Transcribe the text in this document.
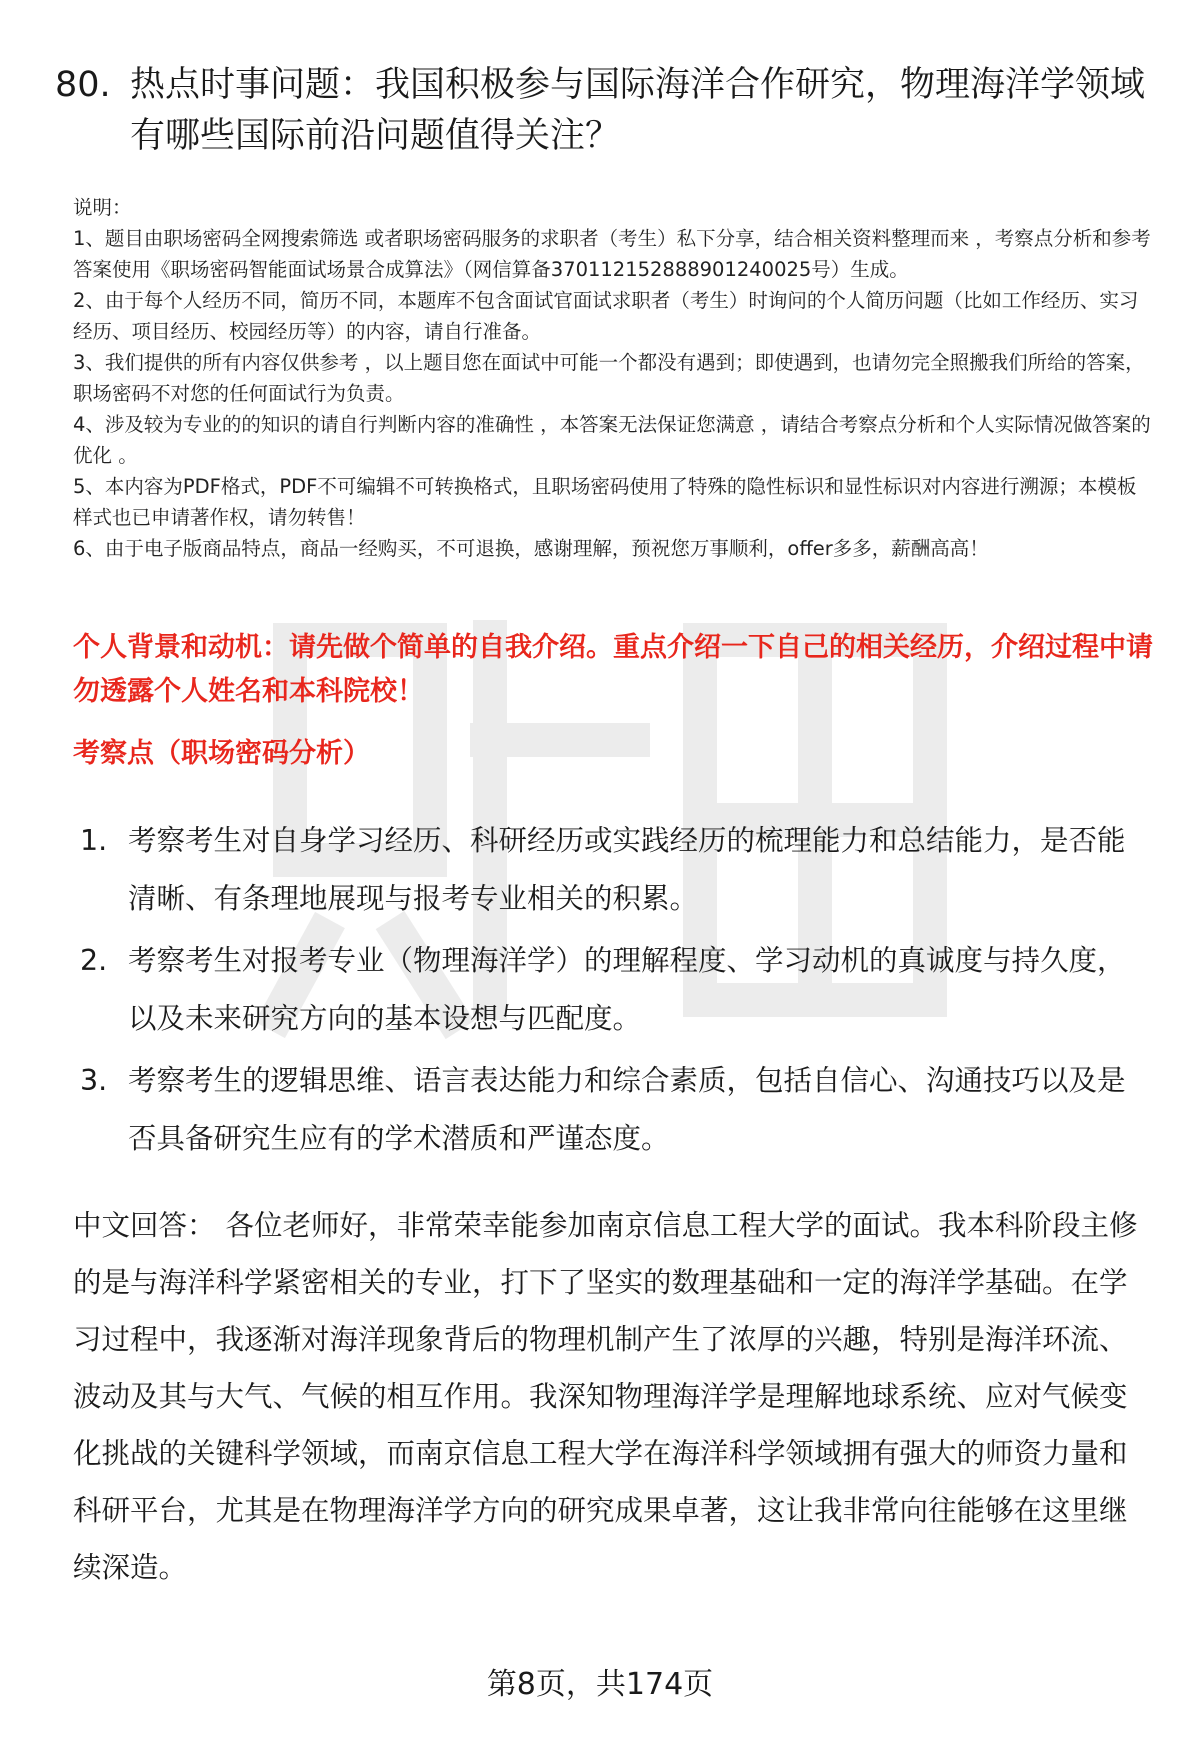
80. 热点时事问题：我国积极参与国际海洋合作研究，物理海洋学领域有哪些国际前沿问题值得关注？
说明：
1、题目由职场密码全网搜索筛选 或者职场密码服务的求职者（考生）私下分享，结合相关资料整理而来 ，考察点分析和参考答案使用《职场密码智能面试场景合成算法》（网信算备370112152888901240025号）生成。
2、由于每个人经历不同，简历不同，本题库不包含面试官面试求职者（考生）时询问的个人简历问题（比如工作经历、实习经历、项目经历、校园经历等）的内容，请自行准备。
3、我们提供的所有内容仅供参考 ，以上题目您在面试中可能一个都没有遇到；即使遇到，也请勿完全照搬我们所给的答案，职场密码不对您的任何面试行为负责。
4、涉及较为专业的的知识的请自行判断内容的准确性 ，本答案无法保证您满意 ，请结合考察点分析和个人实际情况做答案的优化 。
5、本内容为PDF格式，PDF不可编辑不可转换格式，且职场密码使用了特殊的隐性标识和显性标识对内容进行溯源；本模板样式也已申请著作权，请勿转售！
6、由于电子版商品特点，商品一经购买，不可退换，感谢理解，预祝您万事顺利，offer多多，薪酬高高！
个人背景和动机：请先做个简单的自我介绍。重点介绍一下自己的相关经历，介绍过程中请勿透露个人姓名和本科院校！
考察点（职场密码分析）
1. 考察考生对自身学习经历、科研经历或实践经历的梳理能力和总结能力，是否能清晰、有条理地展现与报考专业相关的积累。
2. 考察考生对报考专业（物理海洋学）的理解程度、学习动机的真诚度与持久度，以及未来研究方向的基本设想与匹配度。
3. 考察考生的逻辑思维、语言表达能力和综合素质，包括自信心、沟通技巧以及是否具备研究生应有的学术潜质和严谨态度。
中文回答： 各位老师好，非常荣幸能参加南京信息工程大学的面试。我本科阶段主修的是与海洋科学紧密相关的专业，打下了坚实的数理基础和一定的海洋学基础。在学习过程中，我逐渐对海洋现象背后的物理机制产生了浓厚的兴趣，特别是海洋环流、波动及其与大气、气候的相互作用。我深知物理海洋学是理解地球系统、应对气候变化挑战的关键科学领域，而南京信息工程大学在海洋科学领域拥有强大的师资力量和科研平台，尤其是在物理海洋学方向的研究成果卓著，这让我非常向往能够在这里继续深造。
第8页，共174页
